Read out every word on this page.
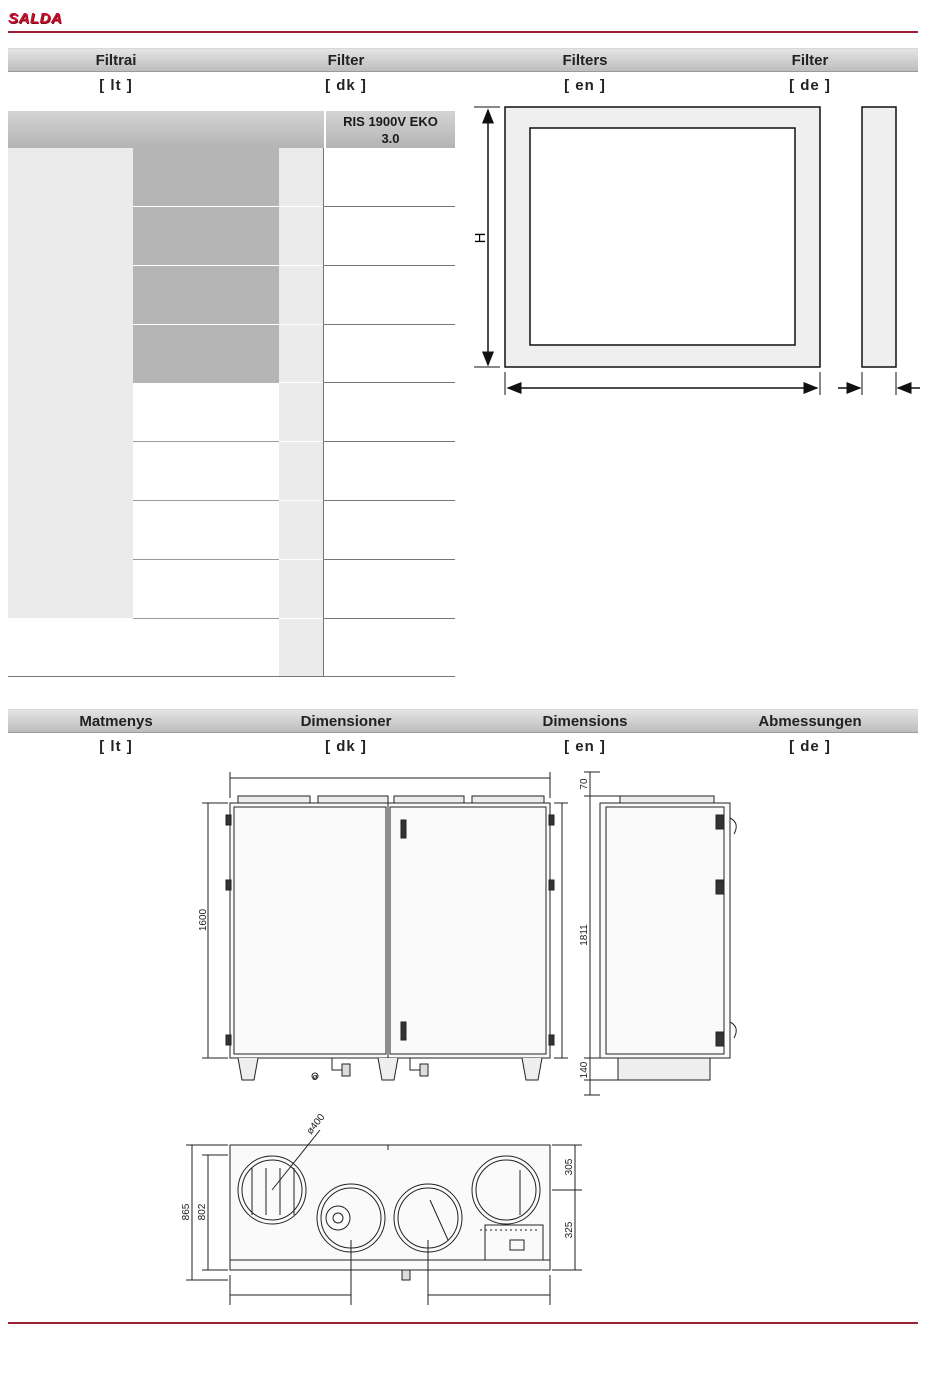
SALDA
Filtrai	Filter	Filters	Filter
[ lt ]	[ dk ]	[ en ]	[ de ]
RIS 1900V EKO
3.0
H
Matmenys	Dimensioner	Dimensions	Abmessungen
[ lt ]	[ dk ]	[ en ]	[ de ]
1600
ø
70
1811
140
865 802
305
325
ø400
